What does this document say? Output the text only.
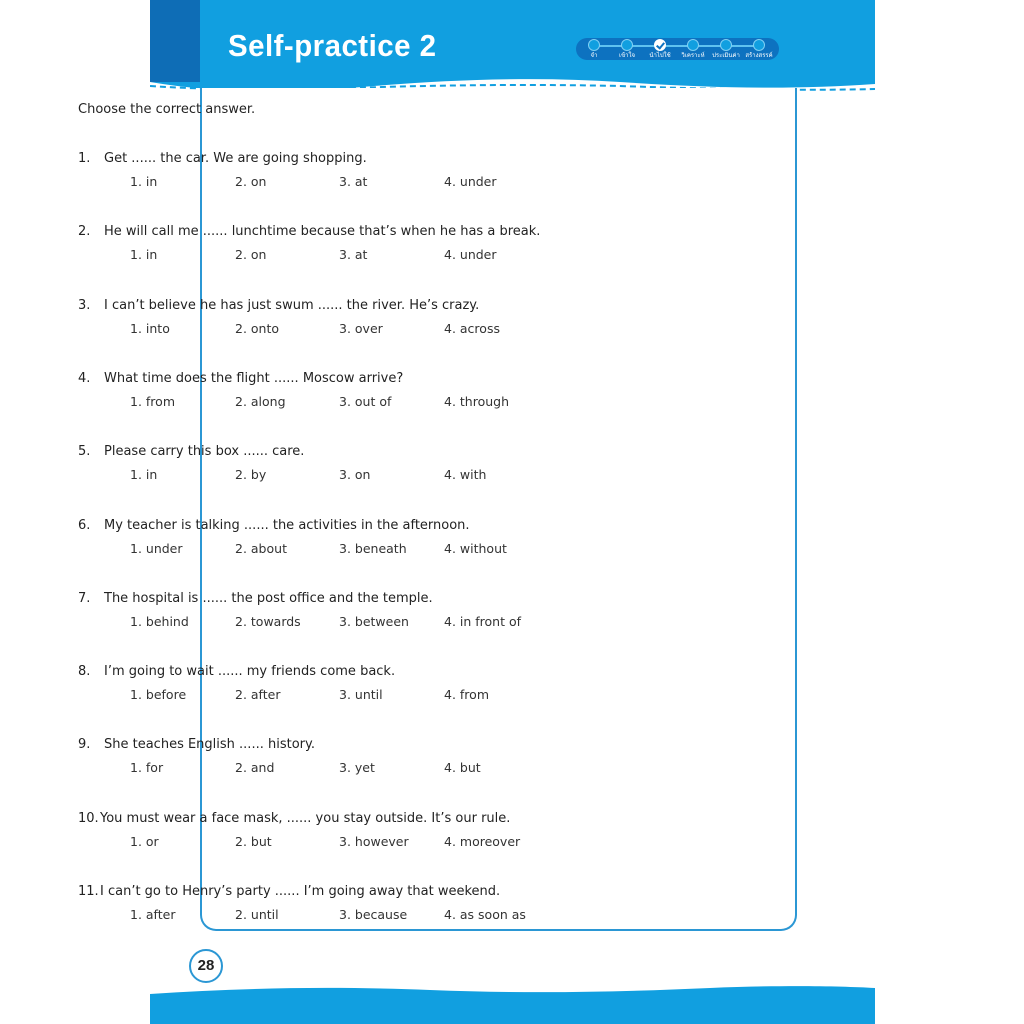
Self-practice 2	จำ	เข้าใจ นำไปใช้ วิเคราะห์ ประเมินค่า สร้างสรรค์
28
Choose the correct answer.
1. Get ...... the car. We are going shopping.
1. in	2. on	3. at	4. under
2. He will call me ...... lunchtime because that’s when he has a break.
1. in	2. on	3. at	4. under
3. I can’t believe he has just swum ...... the river. He’s crazy.
1. into	2. onto	3. over	4. across
4. What time does the flight ...... Moscow arrive?
1. from	2. along	3. out of	4. through
5. Please carry this box ...... care.
1. in	2. by	3. on	4. with
6. My teacher is talking ...... the activities in the afternoon.
1. under	2. about	3. beneath	4. without
7. The hospital is ...... the post office and the temple.
1. behind	2. towards	3. between	4. in front of
8. I’m going to wait ...... my friends come back.
1. before	2. after	3. until	4. from
9. She teaches English ...... history.
1. for	2. and	3. yet	4. but
10.You must wear a face mask, ...... you stay outside. It’s our rule.
1. or	2. but	3. however	4. moreover
11.I can’t go to Henry’s party ...... I’m going away that weekend.
1. after	2. until	3. because	4. as soon as
